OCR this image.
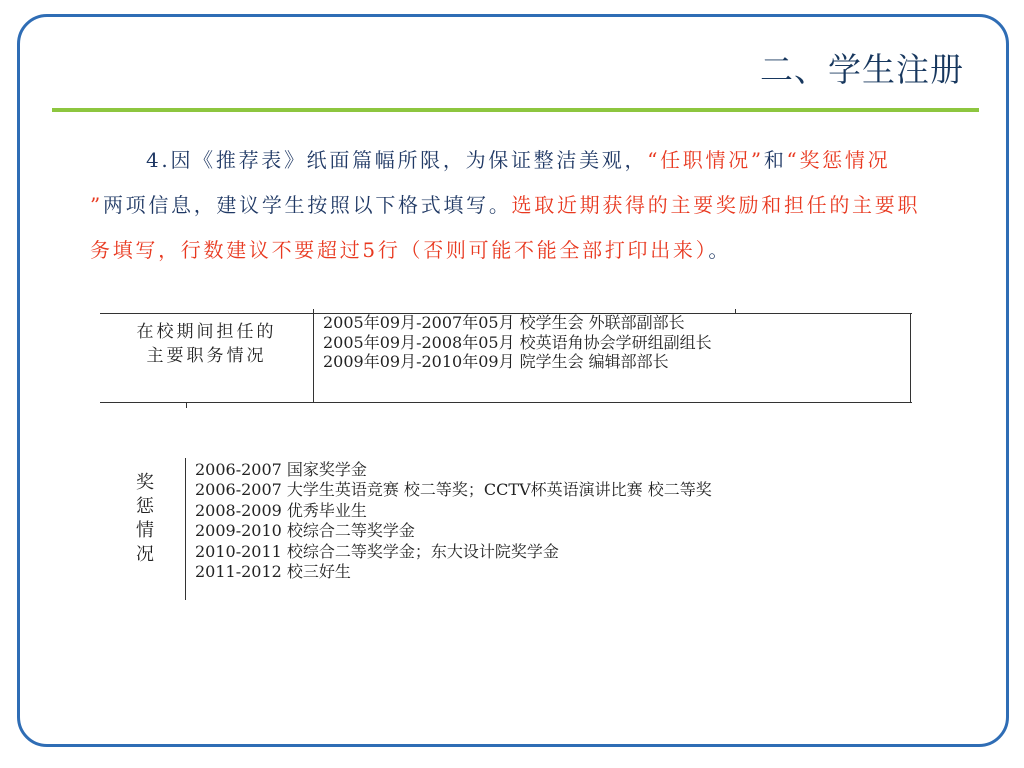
二、学生注册
4.因《推荐表》纸面篇幅所限，为保证整洁美观，“任职情况”和“奖惩情况
”两项信息，建议学生按照以下格式填写。选取近期获得的主要奖励和担任的主要职
务填写，行数建议不要超过5行（否则可能不能全部打印出来）。
在校期间担任的
主要职务情况
2005年09月-2007年05月 校学生会 外联部副部长
2005年09月-2008年05月 校英语角协会学研组副组长
2009年09月-2010年09月 院学生会 编辑部部长
奖
惩
情
况
2006-2007 国家奖学金
2006-2007 大学生英语竞赛 校二等奖；CCTV杯英语演讲比赛 校二等奖
2008-2009 优秀毕业生
2009-2010 校综合二等奖学金
2010-2011 校综合二等奖学金；东大设计院奖学金
2011-2012 校三好生
